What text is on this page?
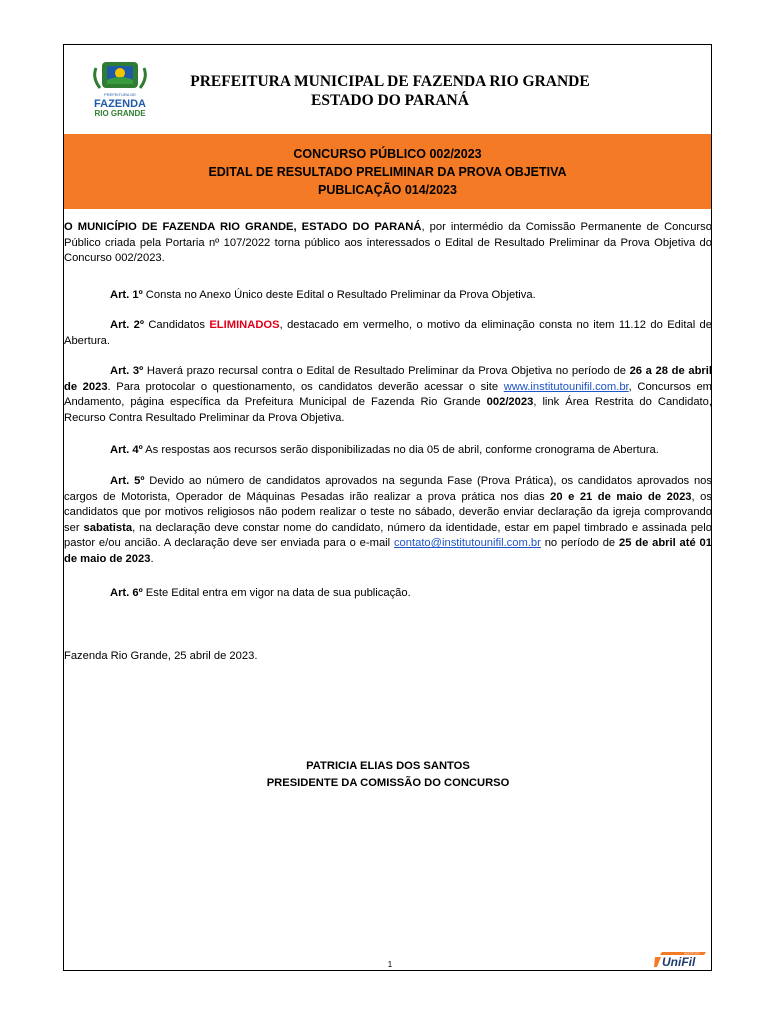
PREFEITURA DE
FAZENDA
RIO GRANDE
PREFEITURA MUNICIPAL DE FAZENDA RIO GRANDE
ESTADO DO PARANÁ
CONCURSO PÚBLICO 002/2023
EDITAL DE RESULTADO PRELIMINAR DA PROVA OBJETIVA
PUBLICAÇÃO 014/2023

O MUNICÍPIO DE FAZENDA RIO GRANDE, ESTADO DO PARANÁ, por intermédio da Comissão Permanente de Concurso Público criada pela Portaria nº 107/2022 torna público aos interessados o Edital de Resultado Preliminar da Prova Objetiva do Concurso 002/2023.

Art. 1º Consta no Anexo Único deste Edital o Resultado Preliminar da Prova Objetiva.

Art. 2º Candidatos ELIMINADOS, destacado em vermelho, o motivo da eliminação consta no item 11.12 do Edital de Abertura.

Art. 3º Haverá prazo recursal contra o Edital de Resultado Preliminar da Prova Objetiva no período de 26 a 28 de abril de 2023. Para protocolar o questionamento, os candidatos deverão acessar o site www.institutounifil.com.br, Concursos em Andamento, página específica da Prefeitura Municipal de Fazenda Rio Grande 002/2023, link Área Restrita do Candidato, Recurso Contra Resultado Preliminar da Prova Objetiva.

Art. 4º As respostas aos recursos serão disponibilizadas no dia 05 de abril, conforme cronograma de Abertura.

Art. 5º Devido ao número de candidatos aprovados na segunda Fase (Prova Prática), os candidatos aprovados nos cargos de Motorista, Operador de Máquinas Pesadas irão realizar a prova prática nos dias 20 e 21 de maio de 2023, os candidatos que por motivos religiosos não podem realizar o teste no sábado, deverão enviar declaração da igreja comprovando ser sabatista, na declaração deve constar nome do candidato, número da identidade, estar em papel timbrado e assinada pelo pastor e/ou ancião. A declaração deve ser enviada para o e-mail contato@institutounifil.com.br no período de 25 de abril até 01 de maio de 2023.

Art. 6º Este Edital entra em vigor na data de sua publicação.

Fazenda Rio Grande, 25 abril de 2023.

PATRICIA ELIAS DOS SANTOS
PRESIDENTE DA COMISSÃO DO CONCURSO
1
INSTITUTO
UniFil
